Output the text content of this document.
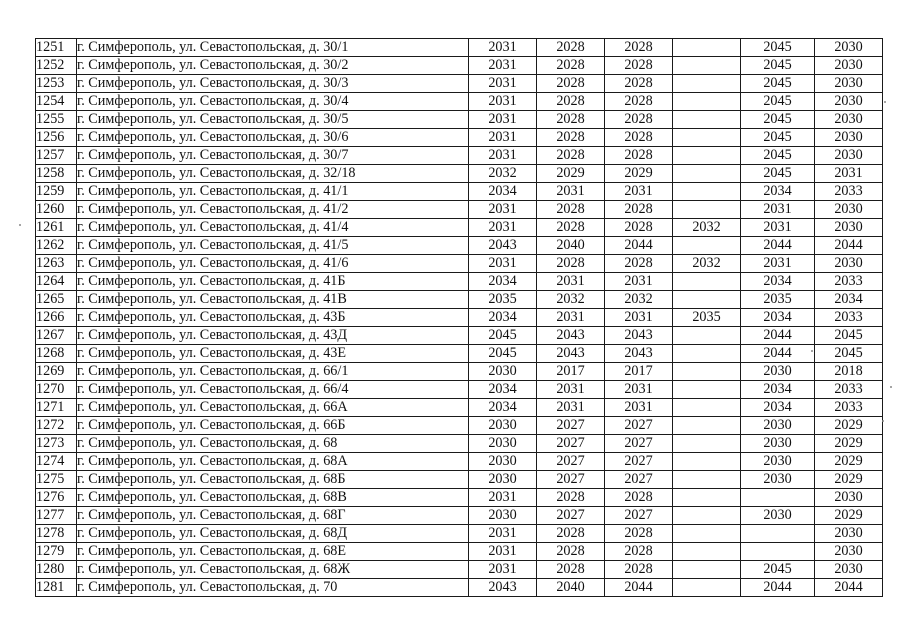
1251	г. Симферополь, ул. Севастопольская, д. 30/1	2031	2028	2028		2045	2030
1252	г. Симферополь, ул. Севастопольская, д. 30/2	2031	2028	2028		2045	2030
1253	г. Симферополь, ул. Севастопольская, д. 30/3	2031	2028	2028		2045	2030
1254	г. Симферополь, ул. Севастопольская, д. 30/4	2031	2028	2028		2045	2030
1255	г. Симферополь, ул. Севастопольская, д. 30/5	2031	2028	2028		2045	2030
1256	г. Симферополь, ул. Севастопольская, д. 30/6	2031	2028	2028		2045	2030
1257	г. Симферополь, ул. Севастопольская, д. 30/7	2031	2028	2028		2045	2030
1258	г. Симферополь, ул. Севастопольская, д. 32/18	2032	2029	2029		2045	2031
1259	г. Симферополь, ул. Севастопольская, д. 41/1	2034	2031	2031		2034	2033
1260	г. Симферополь, ул. Севастопольская, д. 41/2	2031	2028	2028		2031	2030
1261	г. Симферополь, ул. Севастопольская, д. 41/4	2031	2028	2028	2032	2031	2030
1262	г. Симферополь, ул. Севастопольская, д. 41/5	2043	2040	2044		2044	2044
1263	г. Симферополь, ул. Севастопольская, д. 41/6	2031	2028	2028	2032	2031	2030
1264	г. Симферополь, ул. Севастопольская, д. 41Б	2034	2031	2031		2034	2033
1265	г. Симферополь, ул. Севастопольская, д. 41В	2035	2032	2032		2035	2034
1266	г. Симферополь, ул. Севастопольская, д. 43Б	2034	2031	2031	2035	2034	2033
1267	г. Симферополь, ул. Севастопольская, д. 43Д	2045	2043	2043		2044	2045
1268	г. Симферополь, ул. Севастопольская, д. 43Е	2045	2043	2043		2044	2045
1269	г. Симферополь, ул. Севастопольская, д. 66/1	2030	2017	2017		2030	2018
1270	г. Симферополь, ул. Севастопольская, д. 66/4	2034	2031	2031		2034	2033
1271	г. Симферополь, ул. Севастопольская, д. 66А	2034	2031	2031		2034	2033
1272	г. Симферополь, ул. Севастопольская, д. 66Б	2030	2027	2027		2030	2029
1273	г. Симферополь, ул. Севастопольская, д. 68	2030	2027	2027		2030	2029
1274	г. Симферополь, ул. Севастопольская, д. 68А	2030	2027	2027		2030	2029
1275	г. Симферополь, ул. Севастопольская, д. 68Б	2030	2027	2027		2030	2029
1276	г. Симферополь, ул. Севастопольская, д. 68В	2031	2028	2028			2030
1277	г. Симферополь, ул. Севастопольская, д. 68Г	2030	2027	2027		2030	2029
1278	г. Симферополь, ул. Севастопольская, д. 68Д	2031	2028	2028			2030
1279	г. Симферополь, ул. Севастопольская, д. 68Е	2031	2028	2028			2030
1280	г. Симферополь, ул. Севастопольская, д. 68Ж	2031	2028	2028		2045	2030
1281	г. Симферополь, ул. Севастопольская, д. 70	2043	2040	2044		2044	2044
